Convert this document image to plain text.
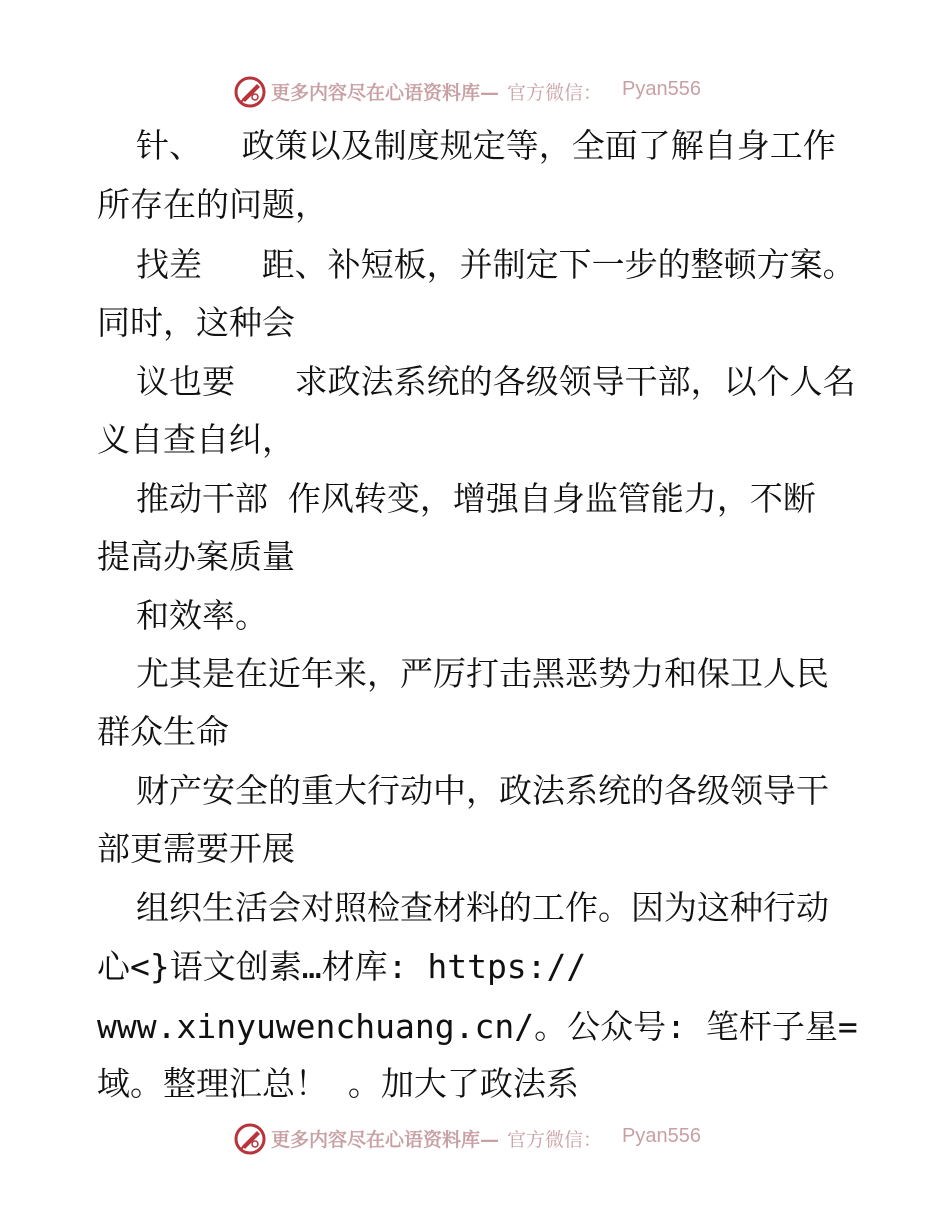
更多内容尽在心语资料库— 官方微信： Pyan556
针、  政策以及制度规定等，全面了解自身工作
所存在的问题，
找差   距、补短板，并制定下一步的整顿方案。
同时，这种会
议也要   求政法系统的各级领导干部，以个人名
义自查自纠，
推动干部 作风转变，增强自身监管能力，不断
提高办案质量
和效率。
尤其是在近年来，严厉打击黑恶势力和保卫人民
群众生命
财产安全的重大行动中，政法系统的各级领导干
部更需要开展
组织生活会对照检查材料的工作。因为这种行动
心<}语文创素…材库: https://
www.xinyuwenchuang.cn/。公众号: 笔杆子星=
域。整理汇总！ 。加大了政法系
更多内容尽在心语资料库— 官方微信： Pyan556
